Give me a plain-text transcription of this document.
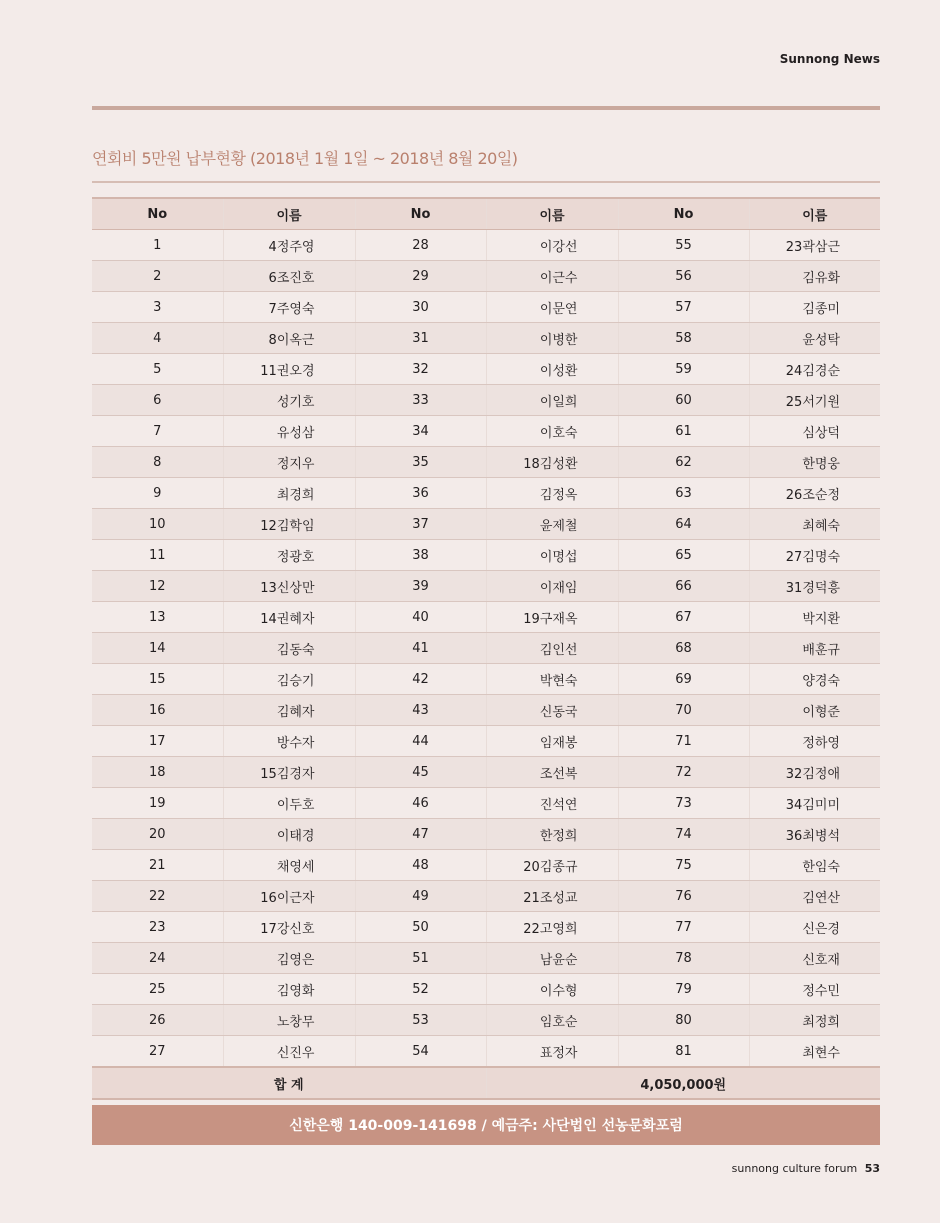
Sunnong News
연회비 5만원 납부현황 (2018년 1월 1일 ~ 2018년 8월 20일)
No	이름	No	이름	No	이름
1	4정주영	28	이강선	55	23곽삼근
2	6조진호	29	이근수	56	김유화
3	7주영숙	30	이문연	57	김종미
4	8이옥근	31	이병한	58	윤성탁
5	11권오경	32	이성환	59	24김경순
6	성기호	33	이일희	60	25서기원
7	유성삼	34	이호숙	61	심상덕
8	정지우	35	18김성환	62	한명웅
9	최경희	36	김정옥	63	26조순정
10	12김학임	37	윤제철	64	최혜숙
11	정광호	38	이명섭	65	27김명숙
12	13신상만	39	이재임	66	31경덕흥
13	14권혜자	40	19구재옥	67	박지환
14	김동숙	41	김인선	68	배훈규
15	김승기	42	박현숙	69	양경숙
16	김혜자	43	신동국	70	이형준
17	방수자	44	임재봉	71	정하영
18	15김경자	45	조선복	72	32김정애
19	이두호	46	진석연	73	34김미미
20	이태경	47	한정희	74	36최병석
21	채영세	48	20김종규	75	한임숙
22	16이근자	49	21조성교	76	김연산
23	17강신호	50	22고영희	77	신은경
24	김영은	51	남윤순	78	신호재
25	김영화	52	이수형	79	정수민
26	노창무	53	임호순	80	최정희
27	신진우	54	표정자	81	최현수
합 계			4,050,000원		
신한은행 140-009-141698 / 예금주: 사단법인 선농문화포럼
sunnong culture forum 53
